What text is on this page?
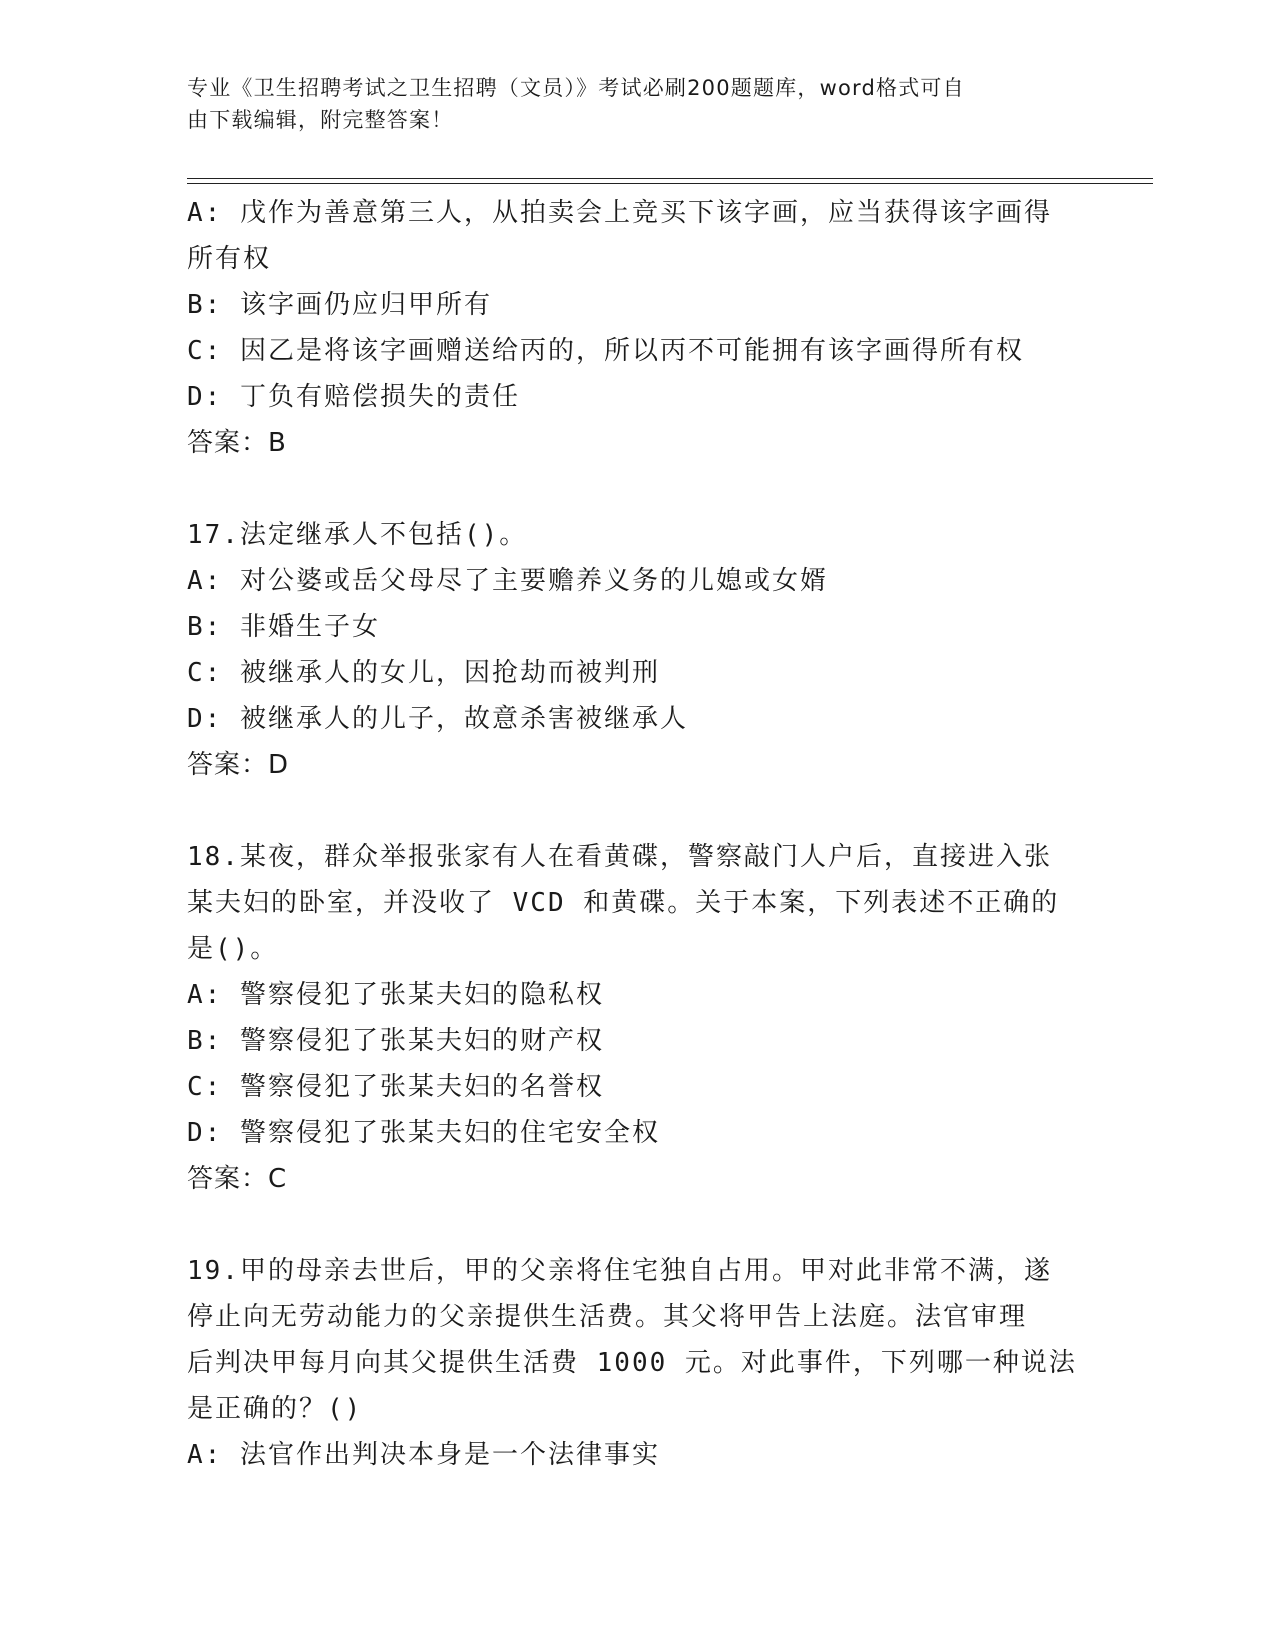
专业《卫生招聘考试之卫生招聘（文员）》考试必刷200题题库，word格式可自
由下载编辑，附完整答案！

A: 戊作为善意第三人，从拍卖会上竞买下该字画，应当获得该字画得

所有权

B: 该字画仍应归甲所有

C: 因乙是将该字画赠送给丙的，所以丙不可能拥有该字画得所有权

D: 丁负有赔偿损失的责任

答案：B

17.法定继承人不包括()。

A: 对公婆或岳父母尽了主要赡养义务的儿媳或女婿

B: 非婚生子女

C: 被继承人的女儿，因抢劫而被判刑

D: 被继承人的儿子，故意杀害被继承人

答案：D

18.某夜，群众举报张家有人在看黄碟，警察敲门人户后，直接进入张

某夫妇的卧室，并没收了 VCD 和黄碟。关于本案，下列表述不正确的

是()。

A: 警察侵犯了张某夫妇的隐私权

B: 警察侵犯了张某夫妇的财产权

C: 警察侵犯了张某夫妇的名誉权

D: 警察侵犯了张某夫妇的住宅安全权

答案：C

19.甲的母亲去世后，甲的父亲将住宅独自占用。甲对此非常不满，遂

停止向无劳动能力的父亲提供生活费。其父将甲告上法庭。法官审理

后判决甲每月向其父提供生活费 1000 元。对此事件，下列哪一种说法

是正确的？()

A: 法官作出判决本身是一个法律事实
